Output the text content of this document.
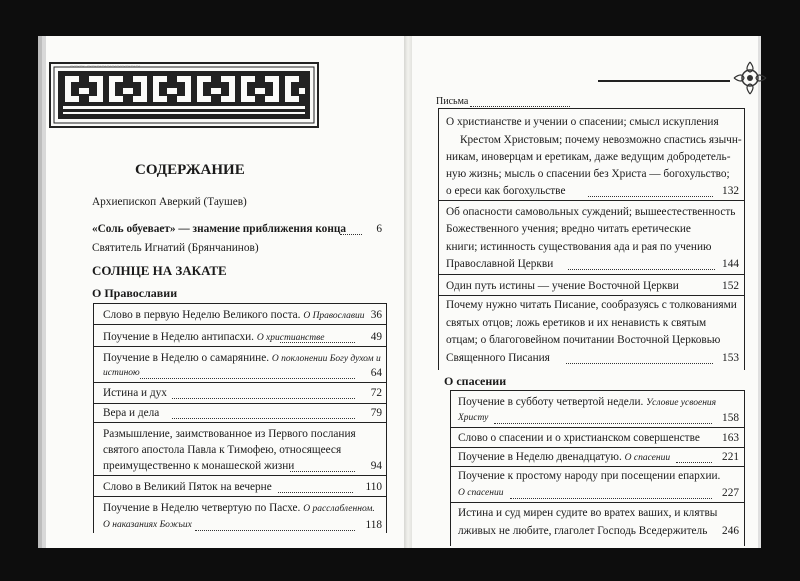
~~~ ~~~~~~~~~~~
СОДЕРЖАНИЕ
Архиепископ Аверкий (Таушев)
«Соль обуевает» — знамение приближения конца	6
Святитель Игнатий (Брянчанинов)
СОЛНЦЕ НА ЗАКАТЕ
О Православии
Слово в первую Неделю Великого поста. О Православии 36
Поучение в Неделю антипасхи. О христианстве	49
Поучение в Неделю о самарянине. О поклонении Богу духом и
истиною	64
Истина и дух	72
Вера и дела	79
Размышление, заимствованное из Первого послания
святого апостола Павла к Тимофею, относящееся
преимущественно к монашеской жизни	94
Слово в Великий Пяток на вечерне	110
Поучение в Неделю четвертую по Пасхе. О расслабленном.
О наказаниях Божьих	118
Письма
О христианстве и учении о спасении; смысл искупления
Крестом Христовым; почему невозможно спастись язычн-
никам, иноверцам и еретикам, даже ведущим добродетель-
ную жизнь; мысль о спасении без Христа — богохульство;
о ереси как богохульстве	132
Об опасности самовольных суждений; вышеестественность
Божественного учения; вредно читать еретические
книги; истинность существования ада и рая по учению
Православной Церкви	144
Один путь истины — учение Восточной Церкви	152
Почему нужно читать Писание, сообразуясь с толкованиями
святых отцов; ложь еретиков и их ненависть к святым
отцам; о благоговейном почитании Восточной Церковью
Священного Писания	153
О спасении
Поучение в субботу четвертой недели. Условие усвоения
Христу	158
Слово о спасении и о христианском совершенстве	163
Поучение в Неделю двенадцатую. О спасении	221
Поучение к простому народу при посещении епархии.
О спасении	227
Истина и суд мирен судите во вратех ваших, и клятвы
лживых не любите, глаголет Господь Вседержитель	246
